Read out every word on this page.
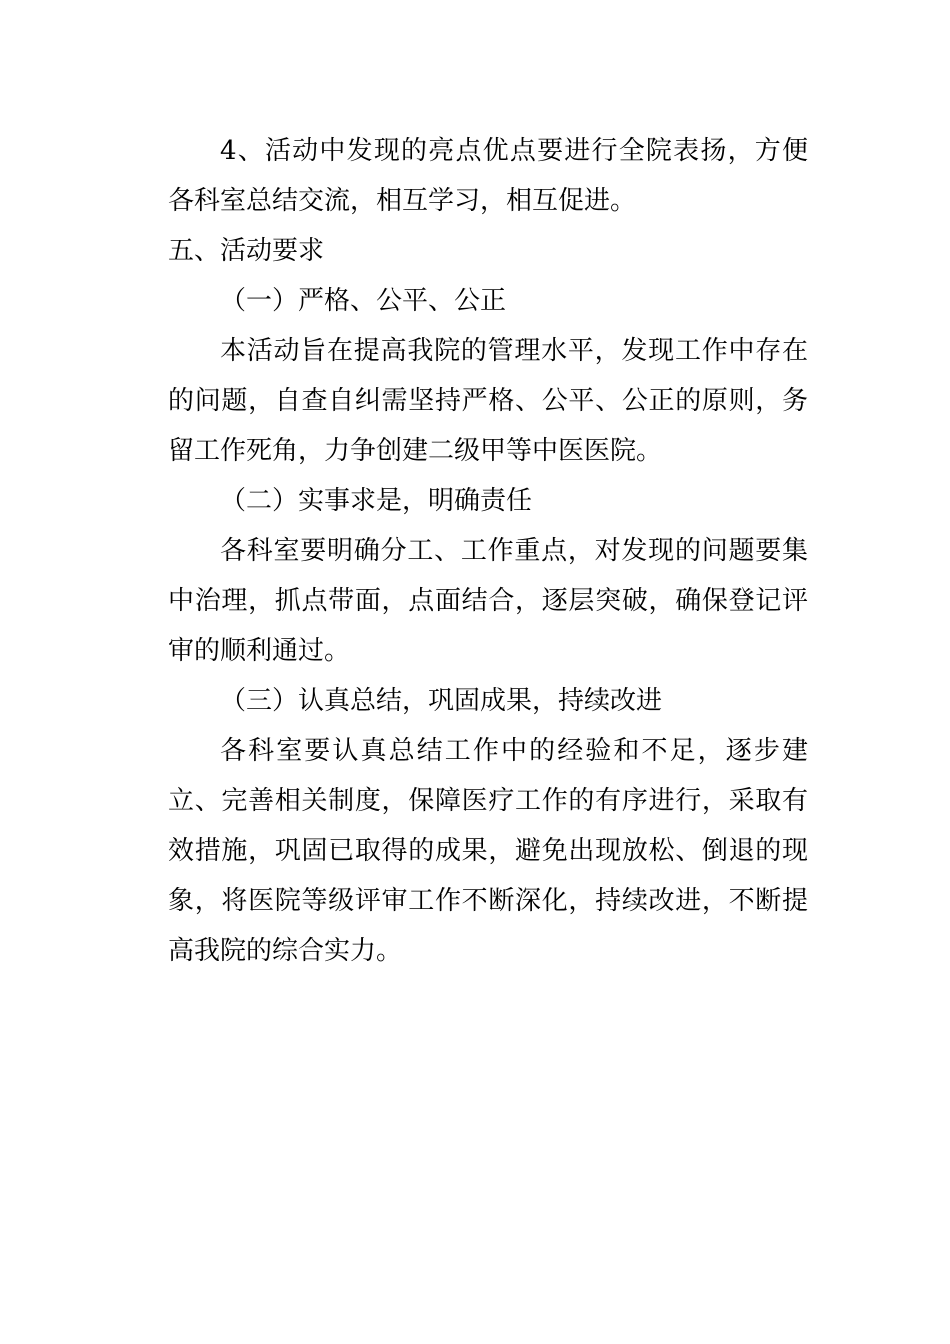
4、活动中发现的亮点优点要进行全院表扬，方便各科室总结交流，相互学习，相互促进。

五、活动要求

（一）严格、公平、公正

本活动旨在提高我院的管理水平，发现工作中存在的问题，自查自纠需坚持严格、公平、公正的原则，务留工作死角，力争创建二级甲等中医医院。

（二）实事求是，明确责任

各科室要明确分工、工作重点，对发现的问题要集中治理，抓点带面，点面结合，逐层突破，确保登记评审的顺利通过。

（三）认真总结，巩固成果，持续改进

各科室要认真总结工作中的经验和不足，逐步建立、完善相关制度，保障医疗工作的有序进行，采取有效措施，巩固已取得的成果，避免出现放松、倒退的现象，将医院等级评审工作不断深化，持续改进，不断提高我院的综合实力。
